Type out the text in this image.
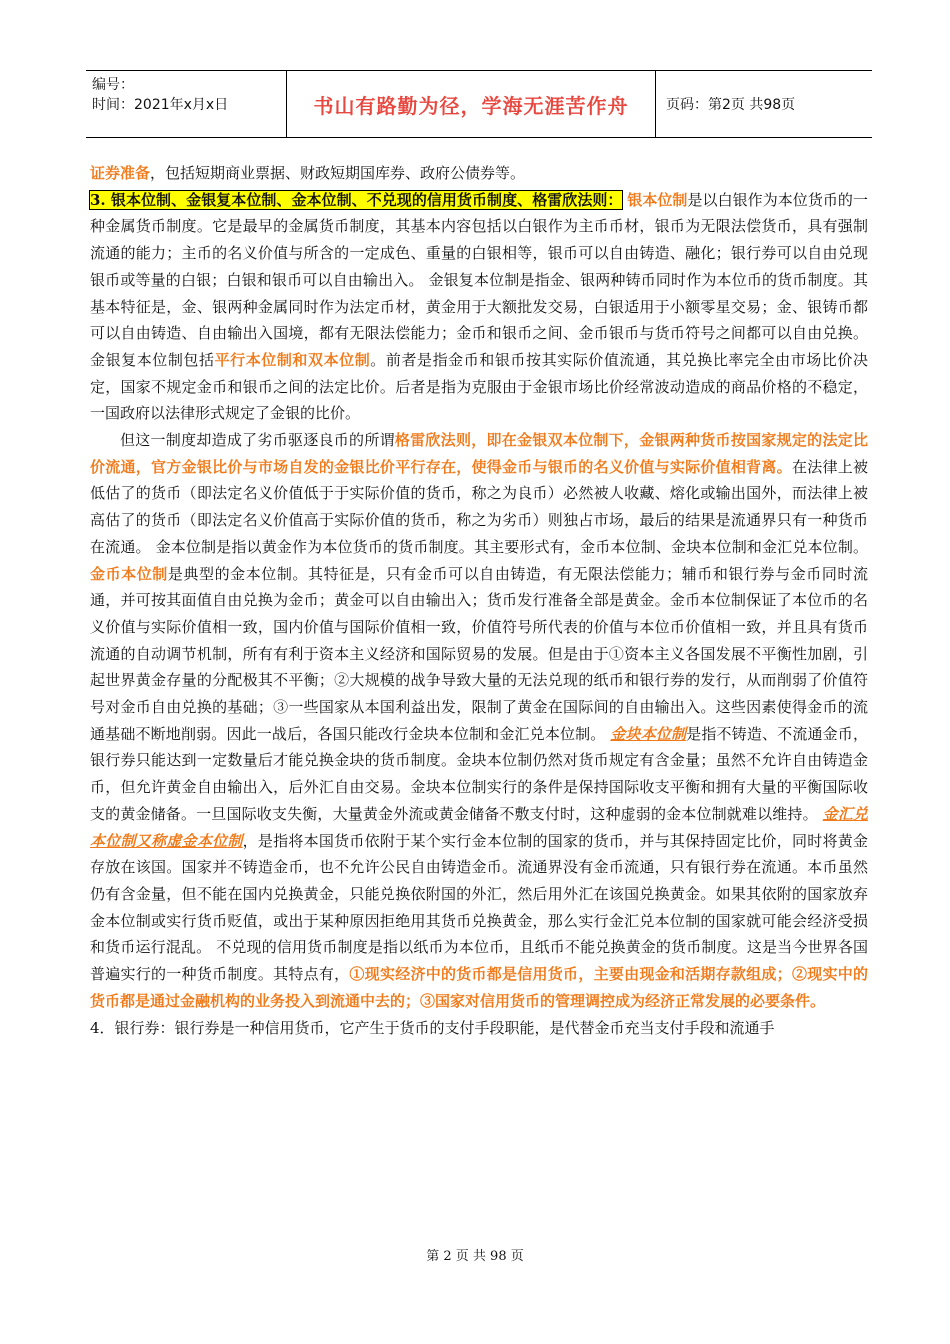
编号：
时间：2021年x月x日	书山有路勤为径，学海无涯苦作舟	页码：第2页 共98页

证券准备，包括短期商业票据、财政短期国库券、政府公债券等。

3. 银本位制、金银复本位制、金本位制、不兑现的信用货币制度、格雷欣法则： 银本位制是以白银作为本位货币的一种金属货币制度。它是最早的金属货币制度，其基本内容包括以白银作为主币币材，银币为无限法偿货币，具有强制流通的能力；主币的名义价值与所含的一定成色、重量的白银相等，银币可以自由铸造、融化；银行券可以自由兑现银币或等量的白银；白银和银币可以自由输出入。 金银复本位制是指金、银两种铸币同时作为本位币的货币制度。其基本特征是，金、银两种金属同时作为法定币材，黄金用于大额批发交易，白银适用于小额零星交易；金、银铸币都可以自由铸造、自由输出入国境，都有无限法偿能力；金币和银币之间、金币银币与货币符号之间都可以自由兑换。金银复本位制包括平行本位制和双本位制。前者是指金币和银币按其实际价值流通，其兑换比率完全由市场比价决定，国家不规定金币和银币之间的法定比价。后者是指为克服由于金银市场比价经常波动造成的商品价格的不稳定，一国政府以法律形式规定了金银的比价。

但这一制度却造成了劣币驱逐良币的所谓格雷欣法则，即在金银双本位制下，金银两种货币按国家规定的法定比价流通，官方金银比价与市场自发的金银比价平行存在，使得金币与银币的名义价值与实际价值相背离。在法律上被低估了的货币（即法定名义价值低于于实际价值的货币，称之为良币）必然被人收藏、熔化或输出国外，而法律上被高估了的货币（即法定名义价值高于实际价值的货币，称之为劣币）则独占市场，最后的结果是流通界只有一种货币在流通。 金本位制是指以黄金作为本位货币的货币制度。其主要形式有，金币本位制、金块本位制和金汇兑本位制。 金币本位制是典型的金本位制。其特征是，只有金币可以自由铸造，有无限法偿能力；辅币和银行券与金币同时流通，并可按其面值自由兑换为金币；黄金可以自由输出入；货币发行准备全部是黄金。金币本位制保证了本位币的名义价值与实际价值相一致，国内价值与国际价值相一致，价值符号所代表的价值与本位币价值相一致，并且具有货币流通的自动调节机制，所有有利于资本主义经济和国际贸易的发展。但是由于①资本主义各国发展不平衡性加剧，引起世界黄金存量的分配极其不平衡；②大规模的战争导致大量的无法兑现的纸币和银行券的发行，从而削弱了价值符号对金币自由兑换的基础；③一些国家从本国利益出发，限制了黄金在国际间的自由输出入。这些因素使得金币的流通基础不断地削弱。因此一战后，各国只能改行金块本位制和金汇兑本位制。 金块本位制是指不铸造、不流通金币，银行券只能达到一定数量后才能兑换金块的货币制度。金块本位制仍然对货币规定有含金量；虽然不允许自由铸造金币，但允许黄金自由输出入，后外汇自由交易。金块本位制实行的条件是保持国际收支平衡和拥有大量的平衡国际收支的黄金储备。一旦国际收支失衡，大量黄金外流或黄金储备不敷支付时，这种虚弱的金本位制就难以维持。 金汇兑本位制又称虚金本位制，是指将本国货币依附于某个实行金本位制的国家的货币，并与其保持固定比价，同时将黄金存放在该国。国家并不铸造金币，也不允许公民自由铸造金币。流通界没有金币流通，只有银行券在流通。本币虽然仍有含金量，但不能在国内兑换黄金，只能兑换依附国的外汇，然后用外汇在该国兑换黄金。如果其依附的国家放弃金本位制或实行货币贬值，或出于某种原因拒绝用其货币兑换黄金，那么实行金汇兑本位制的国家就可能会经济受损和货币运行混乱。 不兑现的信用货币制度是指以纸币为本位币，且纸币不能兑换黄金的货币制度。这是当今世界各国普遍实行的一种货币制度。其特点有，①现实经济中的货币都是信用货币，主要由现金和活期存款组成；②现实中的货币都是通过金融机构的业务投入到流通中去的；③国家对信用货币的管理调控成为经济正常发展的必要条件。

4．银行券：银行券是一种信用货币，它产生于货币的支付手段职能，是代替金币充当支付手段和流通手

第 2 页 共 98 页
